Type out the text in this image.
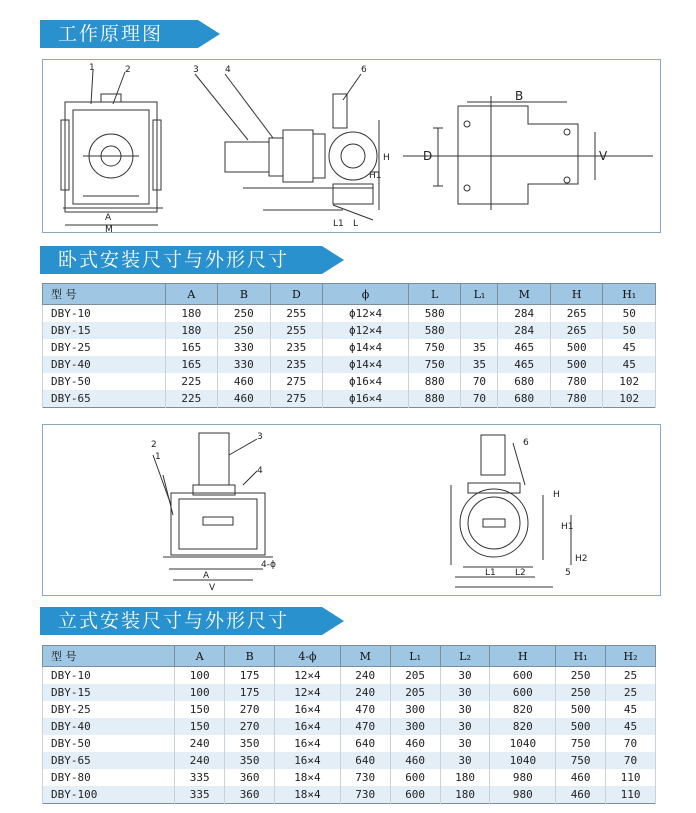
工作原理图
1	2	3	4	6
B
D
A
V
M
H
L
L1
H1
卧式安装尺寸与外形尺寸
型 号	A	B	D	ϕ	L	L₁	M	H	H₁
DBY-10	180	250	255	ϕ12×4	580		284	265	50
DBY-15	180	250	255	ϕ12×4	580		284	265	50
DBY-25	165	330	235	ϕ14×4	750	35	465	500	45
DBY-40	165	330	235	ϕ14×4	750	35	465	500	45
DBY-50	225	460	275	ϕ16×4	880	70	680	780	102
DBY-65	225	460	275	ϕ16×4	880	70	680	780	102
1
2
3
4
5
6
A
V
4-ϕ
H
H1
L1 L2
H2
立式安装尺寸与外形尺寸
型 号	A	B	4-ϕ	M	L₁	L₂	H	H₁	H₂
DBY-10	100	175	12×4	240	205	30	600	250	25
DBY-15	100	175	12×4	240	205	30	600	250	25
DBY-25	150	270	16×4	470	300	30	820	500	45
DBY-40	150	270	16×4	470	300	30	820	500	45
DBY-50	240	350	16×4	640	460	30	1040	750	70
DBY-65	240	350	16×4	640	460	30	1040	750	70
DBY-80	335	360	18×4	730	600	180	980	460	110
DBY-100	335	360	18×4	730	600	180	980	460	110
